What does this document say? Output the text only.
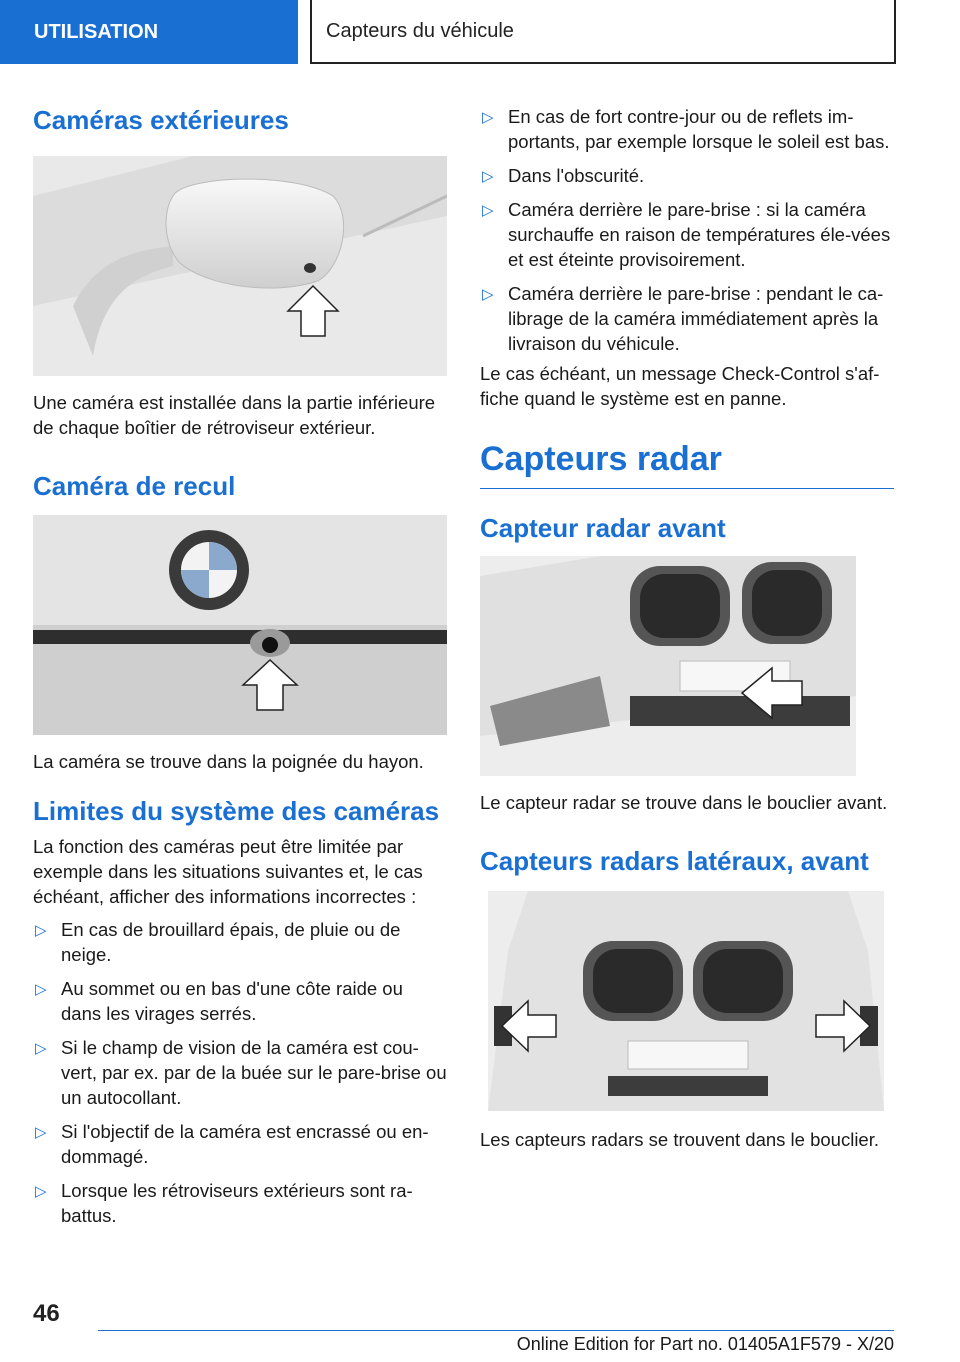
UTILISATION	Capteurs du véhicule
Caméras extérieures

Une caméra est installée dans la partie inférieure de chaque boîtier de rétroviseur extérieur.

Caméra de recul

La caméra se trouve dans la poignée du hayon.

Limites du système des caméras

La fonction des caméras peut être limitée par exemple dans les situations suivantes et, le cas échéant, afficher des informations incorrectes :

▷ En cas de brouillard épais, de pluie ou de neige.
▷ Au sommet ou en bas d'une côte raide ou dans les virages serrés.
▷ Si le champ de vision de la caméra est cou-vert, par ex. par de la buée sur le pare-brise ou un autocollant.
▷ Si l'objectif de la caméra est encrassé ou en-dommagé.
▷ Lorsque les rétroviseurs extérieurs sont ra-battus.
▷ En cas de fort contre-jour ou de reflets im-portants, par exemple lorsque le soleil est bas.
▷ Dans l'obscurité.
▷ Caméra derrière le pare-brise : si la caméra surchauffe en raison de températures éle-vées et est éteinte provisoirement.
▷ Caméra derrière le pare-brise : pendant le ca-librage de la caméra immédiatement après la livraison du véhicule.

Le cas échéant, un message Check-Control s'af-fiche quand le système est en panne.

Capteurs radar
Capteur radar avant

Le capteur radar se trouve dans le bouclier avant.

Capteurs radars latéraux, avant

Les capteurs radars se trouvent dans le bouclier.

46
Online Edition for Part no. 01405A1F579 - X/20
